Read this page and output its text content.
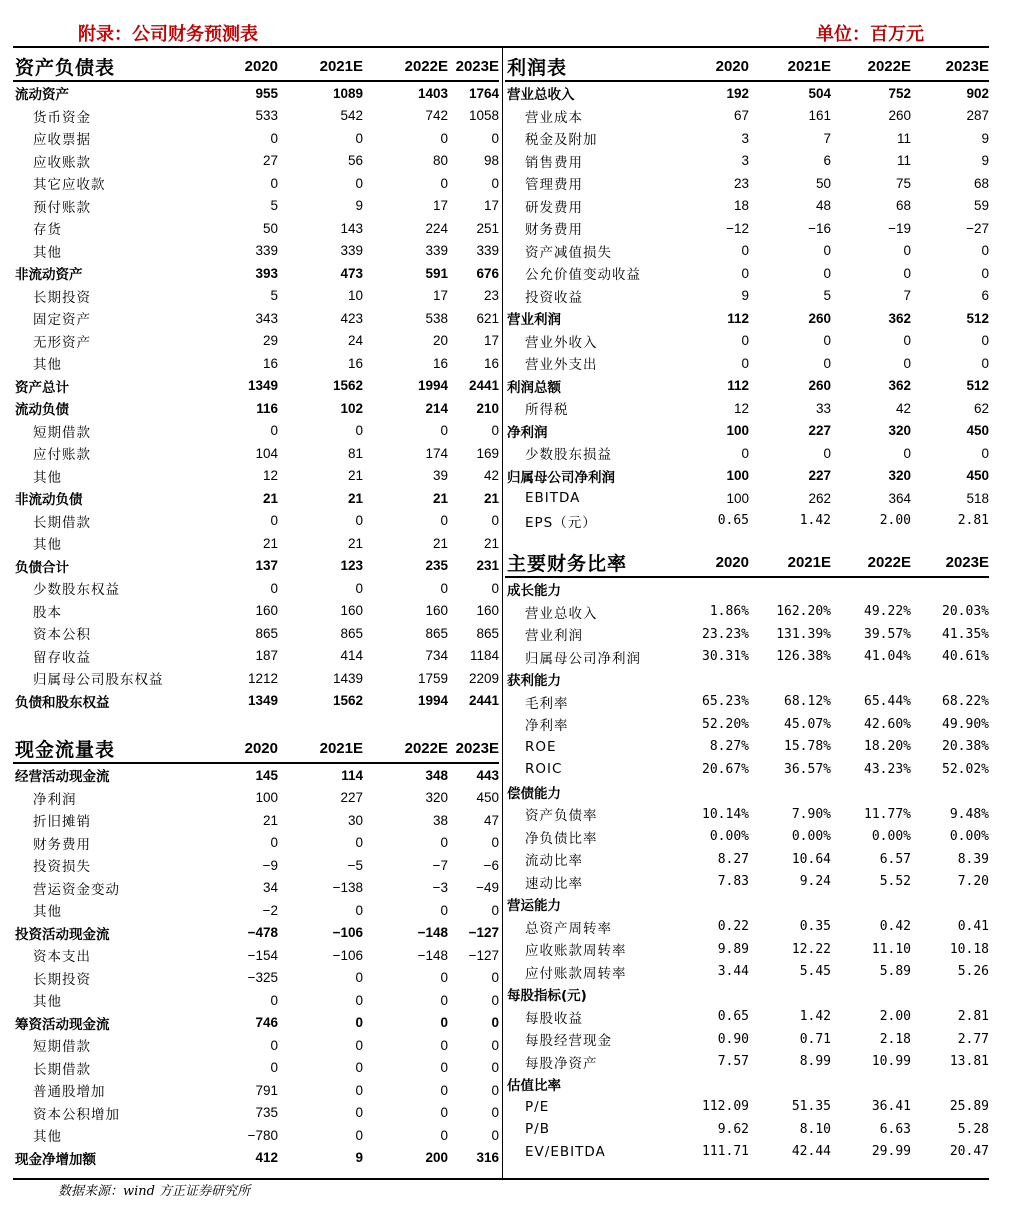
附录：公司财务预测表	单位：百万元
资产负债表	2020	2021E	2022E	2023E
流动资产	955	1089	1403	1764
货币资金	533	542	742	1058
应收票据	0	0	0	0
应收账款	27	56	80	98
其它应收款	0	0	0	0
预付账款	5	9	17	17
存货	50	143	224	251
其他	339	339	339	339
非流动资产	393	473	591	676
长期投资	5	10	17	23
固定资产	343	423	538	621
无形资产	29	24	20	17
其他	16	16	16	16
资产总计	1349	1562	1994	2441
流动负债	116	102	214	210
短期借款	0	0	0	0
应付账款	104	81	174	169
其他	12	21	39	42
非流动负债	21	21	21	21
长期借款	0	0	0	0
其他	21	21	21	21
负债合计	137	123	235	231
少数股东权益	0	0	0	0
股本	160	160	160	160
资本公积	865	865	865	865
留存收益	187	414	734	1184
归属母公司股东权益	1212	1439	1759	2209
负债和股东权益	1349	1562	1994	2441
现金流量表	2020	2021E	2022E	2023E
经营活动现金流	145	114	348	443
净利润	100	227	320	450
折旧摊销	21	30	38	47
财务费用	0	0	0	0
投资损失	−9	−5	−7	−6
营运资金变动	34	−138	−3	−49
其他	−2	0	0	0
投资活动现金流	−478	−106	−148	−127
资本支出	−154	−106	−148	−127
长期投资	−325	0	0	0
其他	0	0	0	0
筹资活动现金流	746	0	0	0
短期借款	0	0	0	0
长期借款	0	0	0	0
普通股增加	791	0	0	0
资本公积增加	735	0	0	0
其他	−780	0	0	0
现金净增加额	412	9	200	316
利润表	2020	2021E	2022E	2023E
营业总收入	192	504	752	902
营业成本	67	161	260	287
税金及附加	3	7	11	9
销售费用	3	6	11	9
管理费用	23	50	75	68
研发费用	18	48	68	59
财务费用	−12	−16	−19	−27
资产减值损失	0	0	0	0
公允价值变动收益	0	0	0	0
投资收益	9	5	7	6
营业利润	112	260	362	512
营业外收入	0	0	0	0
营业外支出	0	0	0	0
利润总额	112	260	362	512
所得税	12	33	42	62
净利润	100	227	320	450
少数股东损益	0	0	0	0
归属母公司净利润	100	227	320	450
EBITDA	100	262	364	518
EPS（元）	0.65	1.42	2.00	2.81
主要财务比率	2020	2021E	2022E	2023E
成长能力				
营业总收入	1.86%	162.20%	49.22%	20.03%
营业利润	23.23%	131.39%	39.57%	41.35%
归属母公司净利润	30.31%	126.38%	41.04%	40.61%
获利能力				
毛利率	65.23%	68.12%	65.44%	68.22%
净利率	52.20%	45.07%	42.60%	49.90%
ROE	8.27%	15.78%	18.20%	20.38%
ROIC	20.67%	36.57%	43.23%	52.02%
偿债能力				
资产负债率	10.14%	7.90%	11.77%	9.48%
净负债比率	0.00%	0.00%	0.00%	0.00%
流动比率	8.27	10.64	6.57	8.39
速动比率	7.83	9.24	5.52	7.20
营运能力				
总资产周转率	0.22	0.35	0.42	0.41
应收账款周转率	9.89	12.22	11.10	10.18
应付账款周转率	3.44	5.45	5.89	5.26
每股指标(元)				
每股收益	0.65	1.42	2.00	2.81
每股经营现金	0.90	0.71	2.18	2.77
每股净资产	7.57	8.99	10.99	13.81
估值比率				
P/E	112.09	51.35	36.41	25.89
P/B	9.62	8.10	6.63	5.28
EV/EBITDA	111.71	42.44	29.99	20.47
数据来源：wind 方正证券研究所
